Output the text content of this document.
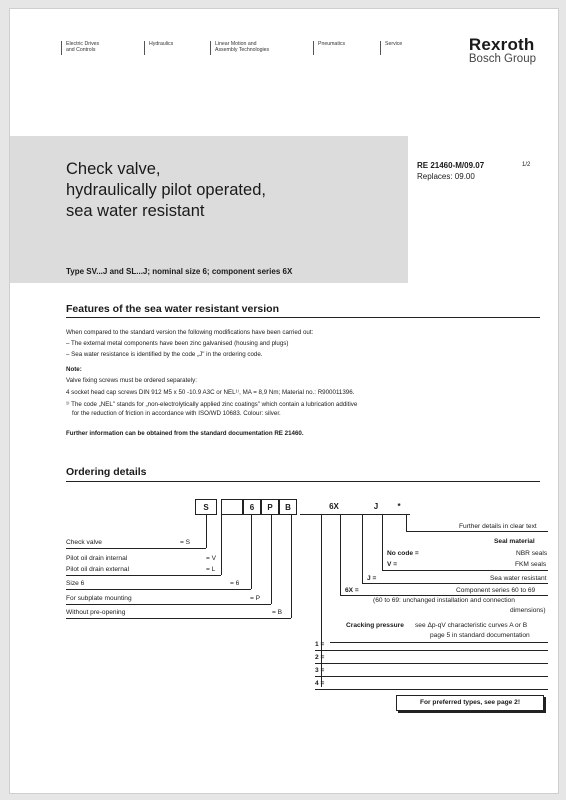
Electric Drives
and Controls
Hydraulics	Linear Motion and
Assembly Technologies
Pneumatics	Service	Rexroth
Bosch Group
Check valve,
hydraulically pilot operated,
sea water resistant
Type SV...J and SL...J; nominal size 6; component series 6X
RE 21460-M/09.07
Replaces: 09.00
1/2
Features of the sea water resistant version
When compared to the standard version the following modifications have been carried out:
– The external metal components have been zinc galvanised (housing and plugs)
– Sea water resistance is identified by the code „J" in the ordering code.
Note:
Valve fixing screws must be ordered separately:
4 socket head cap screws DIN 912 M5 x 50 -10.9 A3C or NEL¹⁾, MA = 8,9 Nm; Material no.: R900011396.
¹⁾ The code „NEL" stands for „non-electrolytically applied zinc coatings" which contain a lubrication additive
for the reduction of friction in accordance with ISO/WD 10683. Colour: silver.
Further information can be obtained from the standard documentation RE 21460.
Ordering details
S	6	P	B	6X	J	*
Check valve	= S
Pilot oil drain internal	= V
Pilot oil drain external	= L
Size 6	= 6
For subplate mounting	= P
Without pre-opening	= B
Further details in clear text
Seal material
No code =	NBR seals
V =	FKM seals
J =	Sea water resistant
6X =	Component series 60 to 69
(60 to 69: unchanged installation and connection
dimensions)
Cracking pressure see Δp-qV characteristic curves A or B
page 5 in standard documentation
1 =
2 =
3 =
4 =
For preferred types, see page 2!
